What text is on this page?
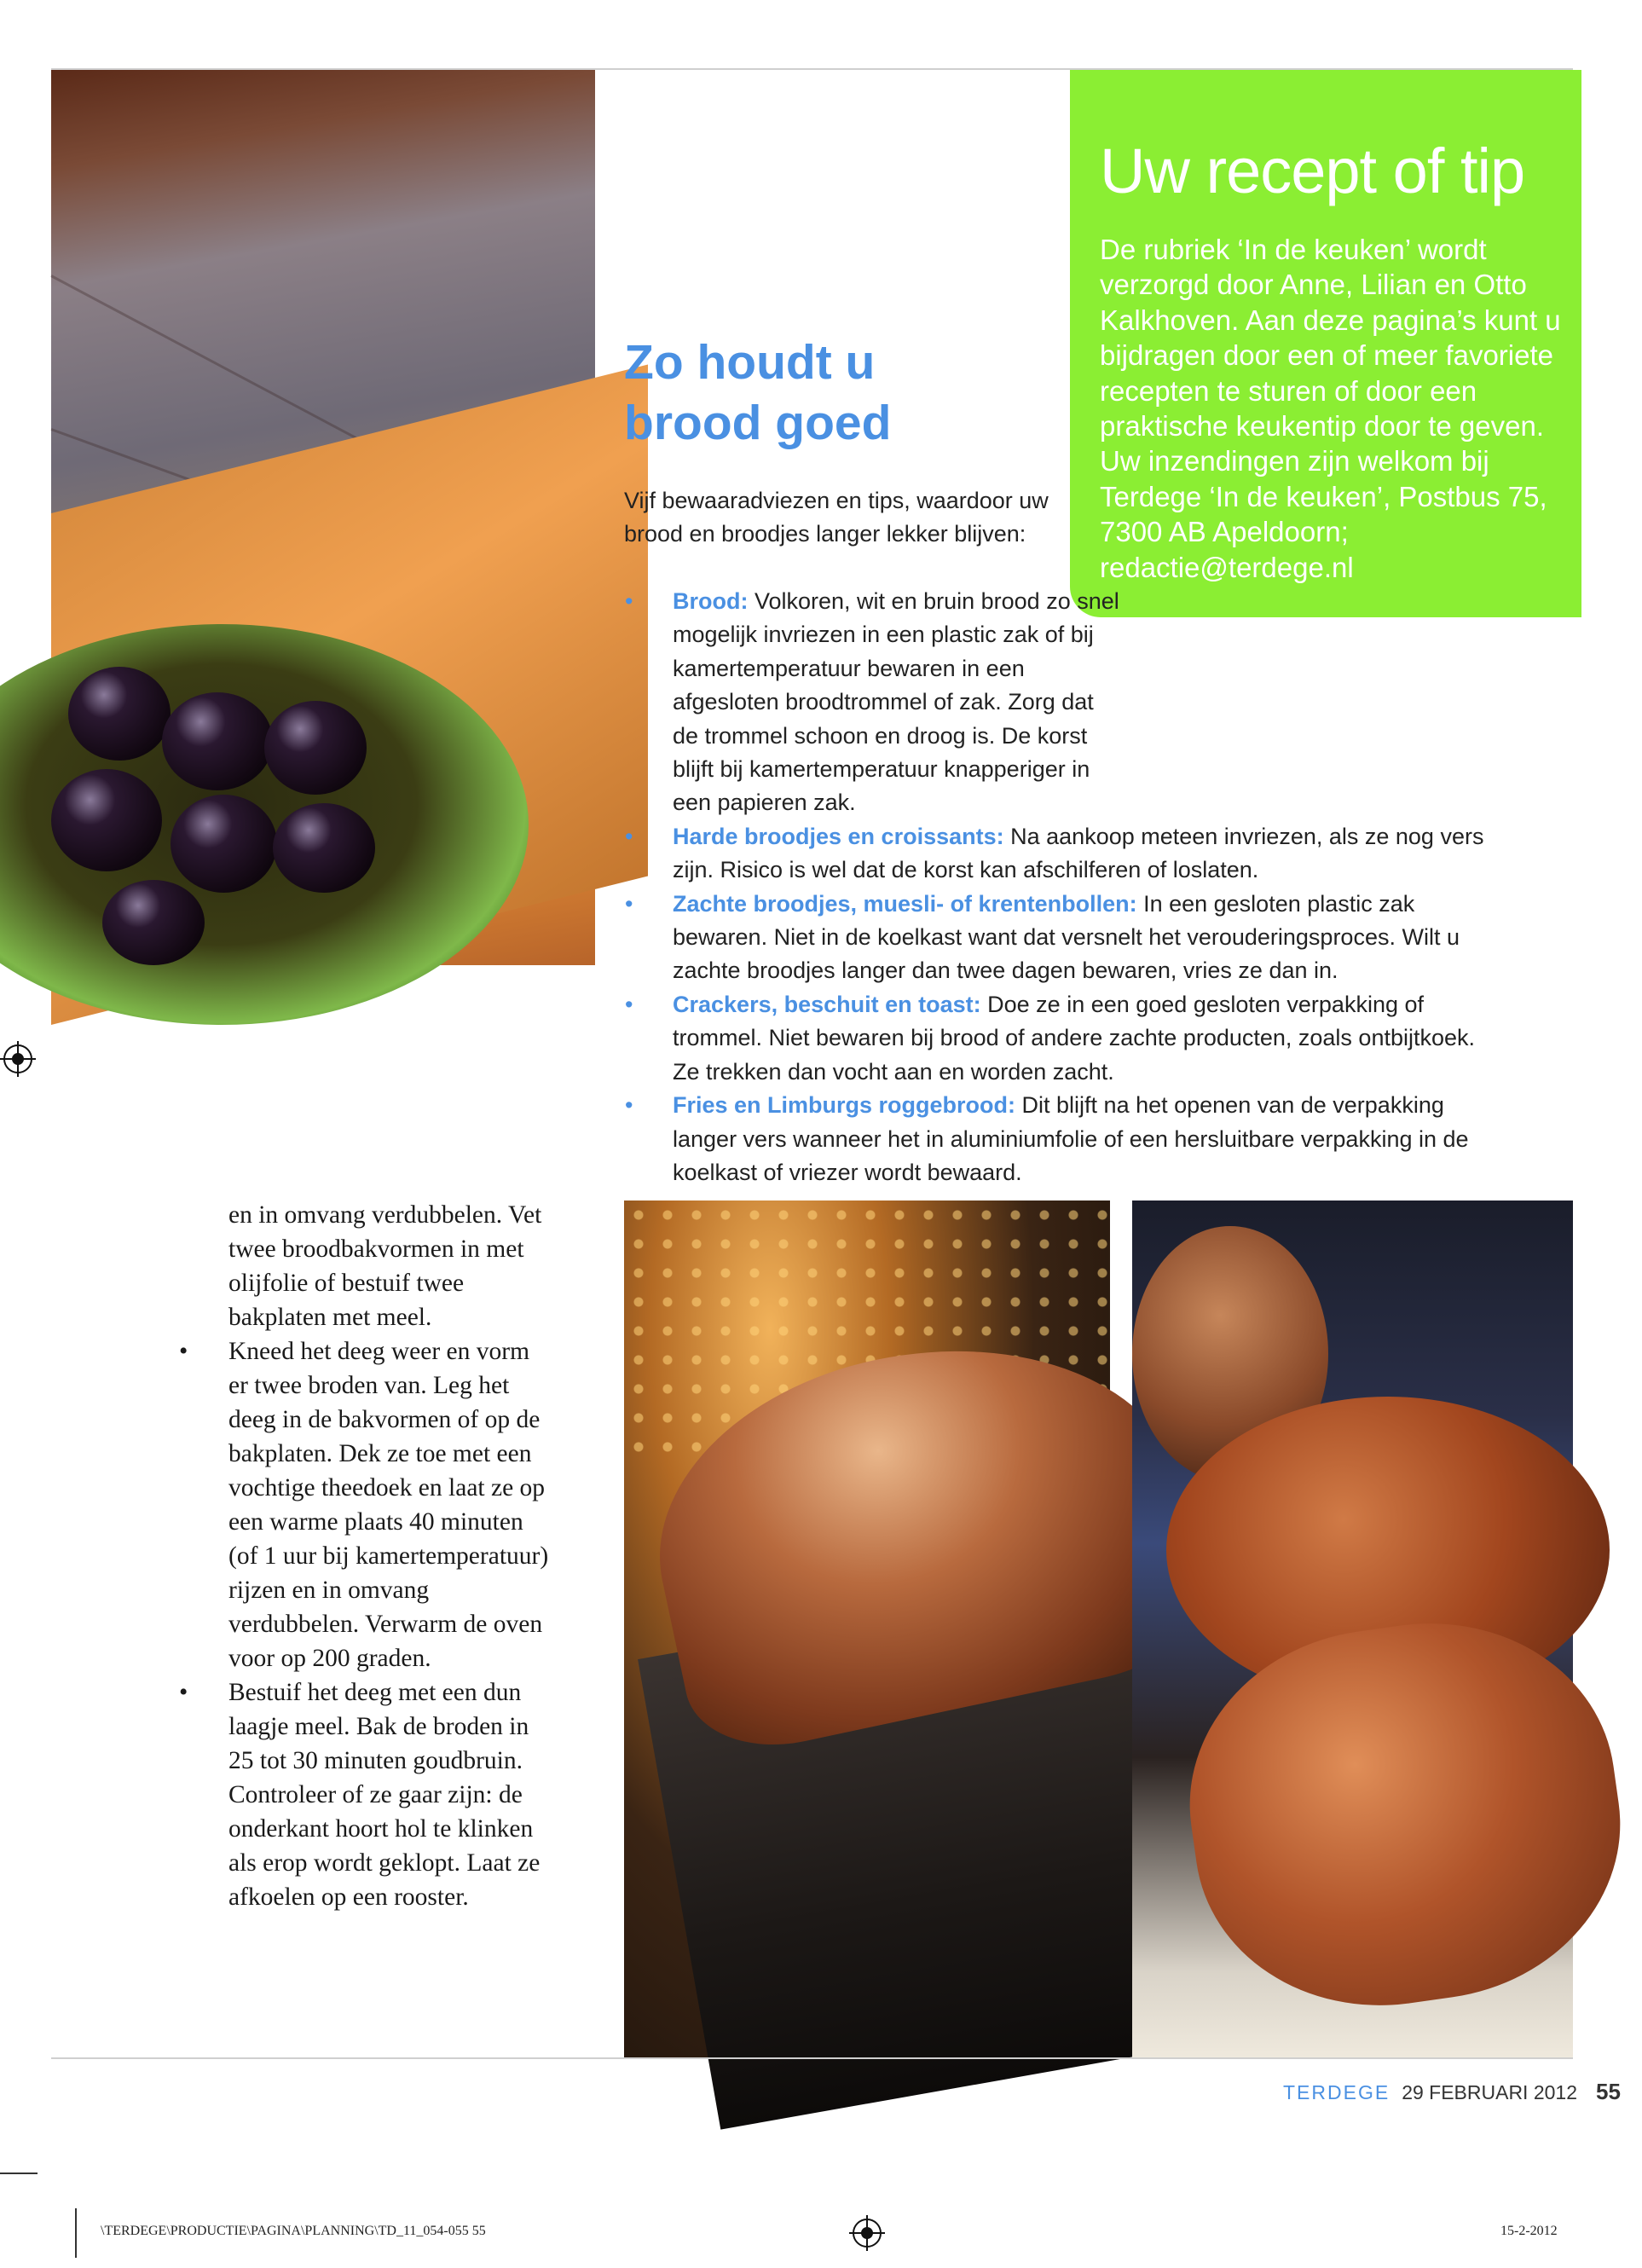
Uw recept of tip
De rubriek ‘In de keuken’ wordt verzorgd door Anne, Lilian en Otto Kalkhoven. Aan deze pagina’s kunt u bijdragen door een of meer favoriete recepten te sturen of door een praktische keukentip door te geven. Uw inzendingen zijn welkom bij Terdege ‘In de keuken’, Postbus 75, 7300 AB Apeldoorn; redactie@terdege.nl
Zo houdt u
brood goed
Vijf bewaaradviezen en tips, waardoor uw brood en broodjes langer lekker blijven:
• Brood: Volkoren, wit en bruin brood zo snel mogelijk invriezen in een plastic zak of bij kamertemperatuur bewaren in een afgesloten broodtrommel of zak. Zorg dat de trommel schoon en droog is. De korst blijft bij kamertemperatuur knapperiger in een papieren zak.
• Harde broodjes en croissants: Na aankoop meteen invriezen, als ze nog vers zijn. Risico is wel dat de korst kan afschilferen of loslaten.
• Zachte broodjes, muesli- of krentenbollen: In een gesloten plastic zak bewaren. Niet in de koelkast want dat versnelt het verouderingsproces. Wilt u zachte broodjes langer dan twee dagen bewaren, vries ze dan in.
• Crackers, beschuit en toast: Doe ze in een goed gesloten verpakking of trommel. Niet bewaren bij brood of andere zachte producten, zoals ontbijtkoek. Ze trekken dan vocht aan en worden zacht.
• Fries en Limburgs roggebrood: Dit blijft na het openen van de verpakking langer vers wanneer het in aluminiumfolie of een hersluitbare verpakking in de koelkast of vriezer wordt bewaard.

en in omvang verdubbelen. Vet twee broodbakvormen in met olijfolie of bestuif twee bakplaten met meel.

• Kneed het deeg weer en vorm er twee broden van. Leg het deeg in de bakvormen of op de bakplaten. Dek ze toe met een vochtige theedoek en laat ze op een warme plaats 40 minuten (of 1 uur bij kamertemperatuur) rijzen en in omvang verdubbelen. Verwarm de oven voor op 200 graden.

• Bestuif het deeg met een dun laagje meel. Bak de broden in 25 tot 30 minuten goudbruin. Controleer of ze gaar zijn: de onderkant hoort hol te klinken als erop wordt geklopt. Laat ze afkoelen op een rooster.

TERDEGE 29 FEBRUARI 2012 55
\TERDEGE\PRODUCTIE\PAGINA\PLANNING\TD_11_054-055 55	15-2-2012
